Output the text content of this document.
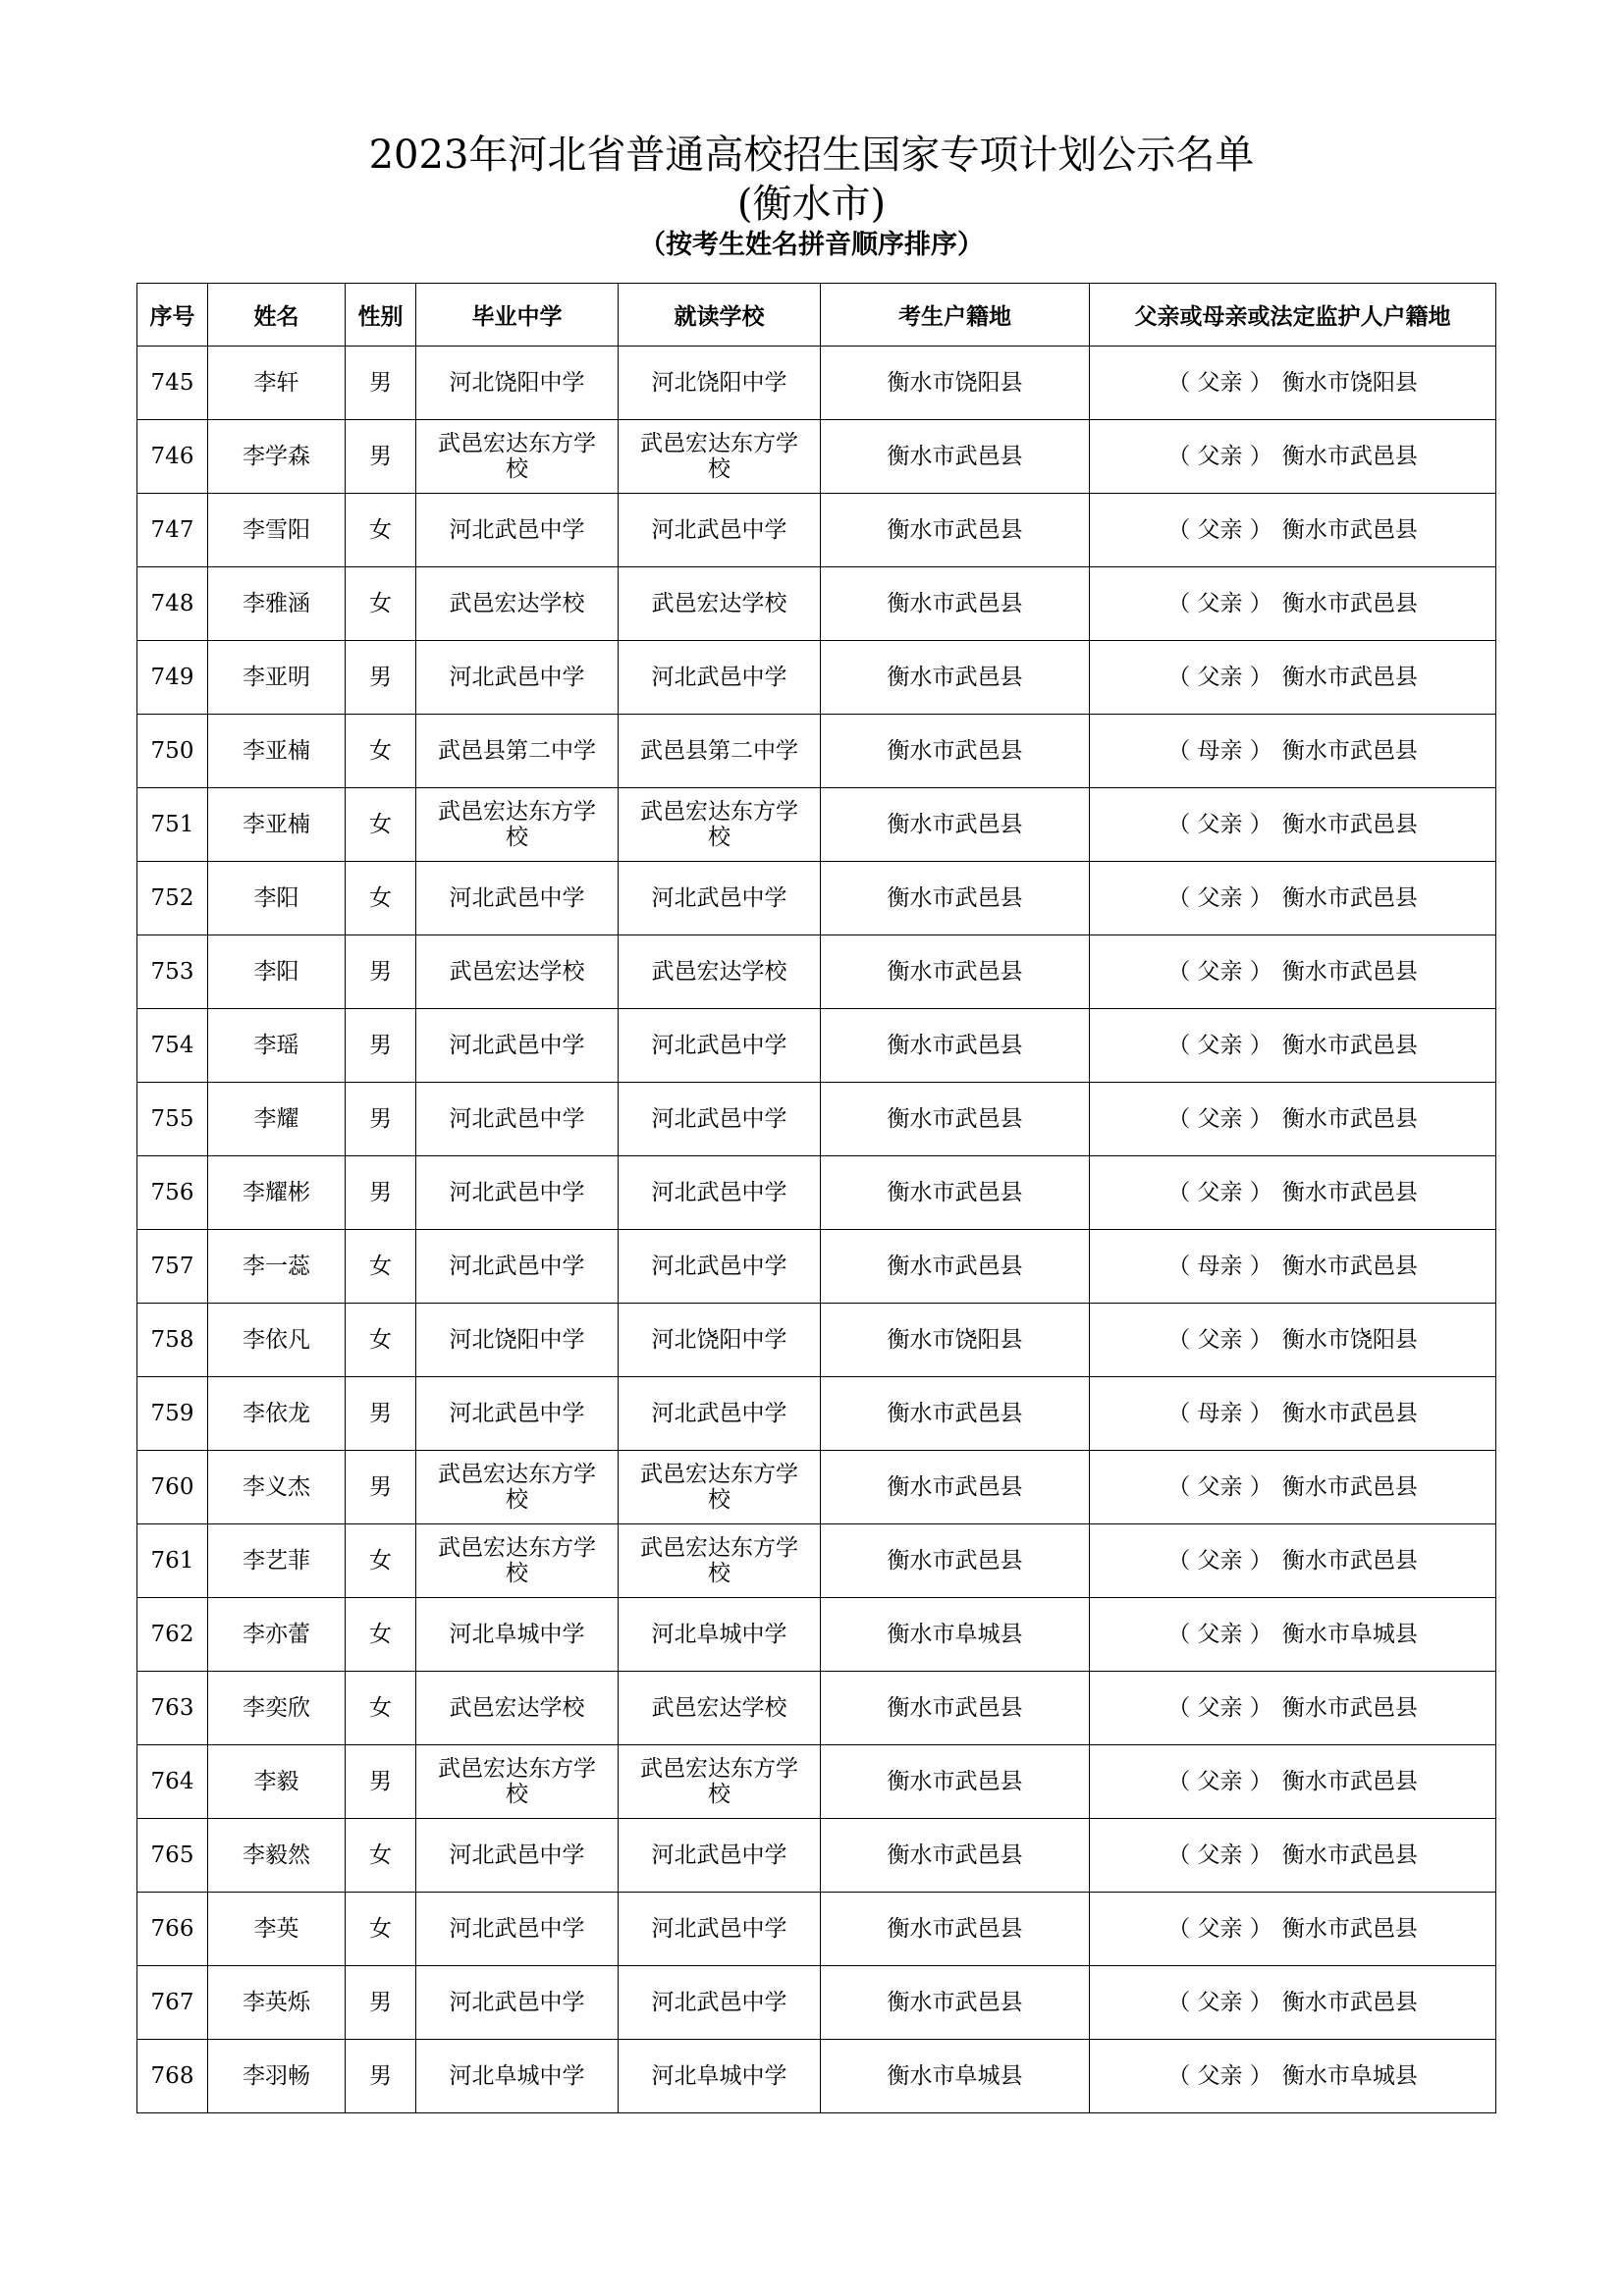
2023年河北省普通高校招生国家专项计划公示名单
(衡水市)
（按考生姓名拼音顺序排序）
序号	姓名	性别	毕业中学	就读学校	考生户籍地	父亲或母亲或法定监护人户籍地
745	李轩	男	河北饶阳中学	河北饶阳中学	衡水市饶阳县	（ 父亲 ） 衡水市饶阳县
746	李学森	男	武邑宏达东方学校	武邑宏达东方学校	衡水市武邑县	（ 父亲 ） 衡水市武邑县
747	李雪阳	女	河北武邑中学	河北武邑中学	衡水市武邑县	（ 父亲 ） 衡水市武邑县
748	李雅涵	女	武邑宏达学校	武邑宏达学校	衡水市武邑县	（ 父亲 ） 衡水市武邑县
749	李亚明	男	河北武邑中学	河北武邑中学	衡水市武邑县	（ 父亲 ） 衡水市武邑县
750	李亚楠	女	武邑县第二中学	武邑县第二中学	衡水市武邑县	（ 母亲 ） 衡水市武邑县
751	李亚楠	女	武邑宏达东方学校	武邑宏达东方学校	衡水市武邑县	（ 父亲 ） 衡水市武邑县
752	李阳	女	河北武邑中学	河北武邑中学	衡水市武邑县	（ 父亲 ） 衡水市武邑县
753	李阳	男	武邑宏达学校	武邑宏达学校	衡水市武邑县	（ 父亲 ） 衡水市武邑县
754	李瑶	男	河北武邑中学	河北武邑中学	衡水市武邑县	（ 父亲 ） 衡水市武邑县
755	李耀	男	河北武邑中学	河北武邑中学	衡水市武邑县	（ 父亲 ） 衡水市武邑县
756	李耀彬	男	河北武邑中学	河北武邑中学	衡水市武邑县	（ 父亲 ） 衡水市武邑县
757	李一蕊	女	河北武邑中学	河北武邑中学	衡水市武邑县	（ 母亲 ） 衡水市武邑县
758	李依凡	女	河北饶阳中学	河北饶阳中学	衡水市饶阳县	（ 父亲 ） 衡水市饶阳县
759	李依龙	男	河北武邑中学	河北武邑中学	衡水市武邑县	（ 母亲 ） 衡水市武邑县
760	李义杰	男	武邑宏达东方学校	武邑宏达东方学校	衡水市武邑县	（ 父亲 ） 衡水市武邑县
761	李艺菲	女	武邑宏达东方学校	武邑宏达东方学校	衡水市武邑县	（ 父亲 ） 衡水市武邑县
762	李亦蕾	女	河北阜城中学	河北阜城中学	衡水市阜城县	（ 父亲 ） 衡水市阜城县
763	李奕欣	女	武邑宏达学校	武邑宏达学校	衡水市武邑县	（ 父亲 ） 衡水市武邑县
764	李毅	男	武邑宏达东方学校	武邑宏达东方学校	衡水市武邑县	（ 父亲 ） 衡水市武邑县
765	李毅然	女	河北武邑中学	河北武邑中学	衡水市武邑县	（ 父亲 ） 衡水市武邑县
766	李英	女	河北武邑中学	河北武邑中学	衡水市武邑县	（ 父亲 ） 衡水市武邑县
767	李英烁	男	河北武邑中学	河北武邑中学	衡水市武邑县	（ 父亲 ） 衡水市武邑县
768	李羽畅	男	河北阜城中学	河北阜城中学	衡水市阜城县	（ 父亲 ） 衡水市阜城县
